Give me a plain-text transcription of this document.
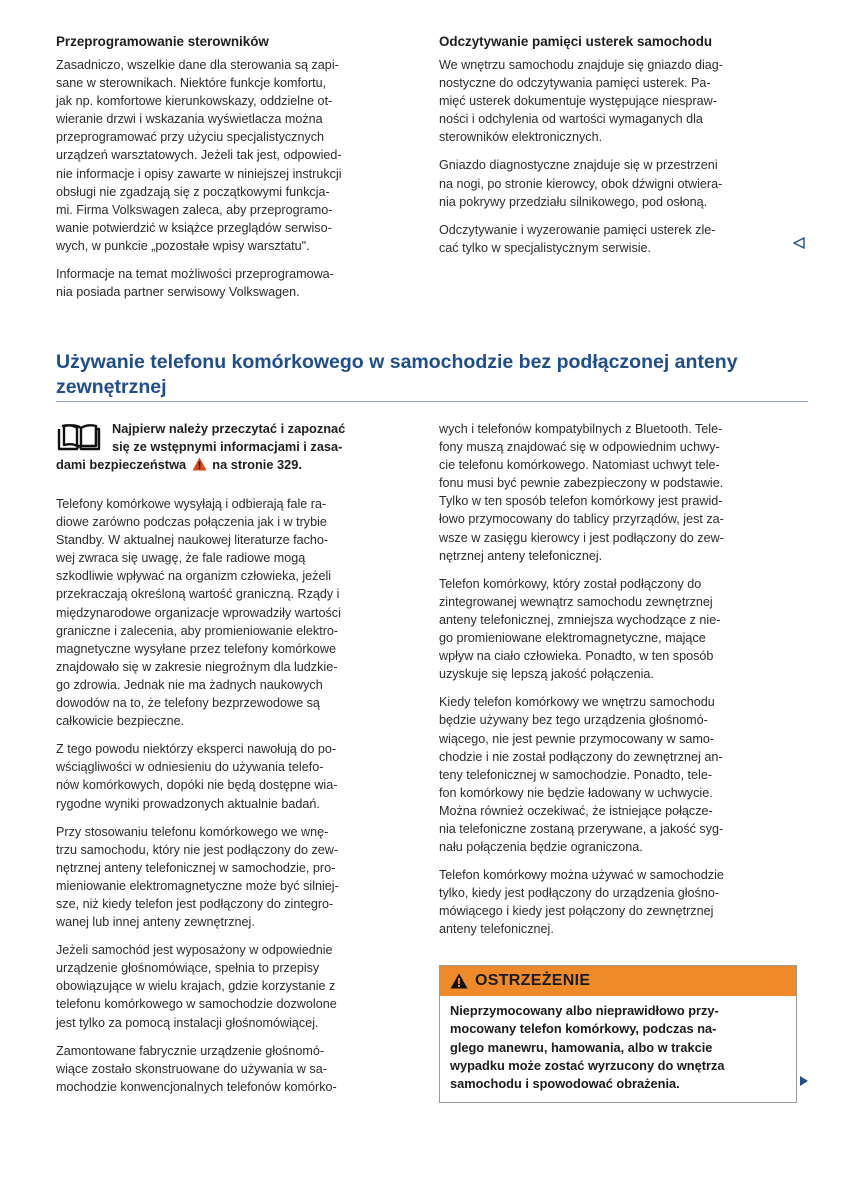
Przeprogramowanie sterowników

Zasadniczo, wszelkie dane dla sterowania są zapi-
sane w sterownikach. Niektóre funkcje komfortu,
jak np. komfortowe kierunkowskazy, oddzielne ot-
wieranie drzwi i wskazania wyświetlacza można
przeprogramować przy użyciu specjalistycznych
urządzeń warsztatowych. Jeżeli tak jest, odpowied-
nie informacje i opisy zawarte w niniejszej instrukcji
obsługi nie zgadzają się z początkowymi funkcja-
mi. Firma Volkswagen zaleca, aby przeprogramo-
wanie potwierdzić w książce przeglądów serwiso-
wych, w punkcie „pozostałe wpisy warsztatu".

Informacje na temat możliwości przeprogramowa-
nia posiada partner serwisowy Volkswagen.

Odczytywanie pamięci usterek samochodu

We wnętrzu samochodu znajduje się gniazdo diag-
nostyczne do odczytywania pamięci usterek. Pa-
mięć usterek dokumentuje występujące niespraw-
ności i odchylenia od wartości wymaganych dla
sterowników elektronicznych.

Gniazdo diagnostyczne znajduje się w przestrzeni
na nogi, po stronie kierowcy, obok dźwigni otwiera-
nia pokrywy przedziału silnikowego, pod osłoną.

Odczytywanie i wyzerowanie pamięci usterek zle-
cać tylko w specjalistycznym serwisie.

Używanie telefonu komórkowego w samochodzie bez podłączonej anteny
zewnętrznej
Najpierw należy przeczytać i zapoznać
się ze wstępnymi informacjami i zasa-
dami bezpieczeństwa na stronie 329.

Telefony komórkowe wysyłają i odbierają fale ra-
diowe zarówno podczas połączenia jak i w trybie
Standby. W aktualnej naukowej literaturze facho-
wej zwraca się uwagę, że fale radiowe mogą
szkodliwie wpływać na organizm człowieka, jeżeli
przekraczają określoną wartość graniczną. Rządy i
międzynarodowe organizacje wprowadziły wartości
graniczne i zalecenia, aby promieniowanie elektro-
magnetyczne wysyłane przez telefony komórkowe
znajdowało się w zakresie niegroźnym dla ludzkie-
go zdrowia. Jednak nie ma żadnych naukowych
dowodów na to, że telefony bezprzewodowe są
całkowicie bezpieczne.

Z tego powodu niektórzy eksperci nawołują do po-
wściągliwości w odniesieniu do używania telefo-
nów komórkowych, dopóki nie będą dostępne wia-
rygodne wyniki prowadzonych aktualnie badań.

Przy stosowaniu telefonu komórkowego we wnę-
trzu samochodu, który nie jest podłączony do zew-
nętrznej anteny telefonicznej w samochodzie, pro-
mieniowanie elektromagnetyczne może być silniej-
sze, niż kiedy telefon jest podłączony do zintegro-
wanej lub innej anteny zewnętrznej.

Jeżeli samochód jest wyposażony w odpowiednie
urządzenie głośnomówiące, spełnia to przepisy
obowiązujące w wielu krajach, gdzie korzystanie z
telefonu komórkowego w samochodzie dozwolone
jest tylko za pomocą instalacji głośnomówiącej.

Zamontowane fabrycznie urządzenie głośnomó-
wiące zostało skonstruowane do używania w sa-
mochodzie konwencjonalnych telefonów komórko-

wych i telefonów kompatybilnych z Bluetooth. Tele-
fony muszą znajdować się w odpowiednim uchwy-
cie telefonu komórkowego. Natomiast uchwyt tele-
fonu musi być pewnie zabezpieczony w podstawie.
Tylko w ten sposób telefon komórkowy jest prawid-
łowo przymocowany do tablicy przyrządów, jest za-
wsze w zasięgu kierowcy i jest podłączony do zew-
nętrznej anteny telefonicznej.

Telefon komórkowy, który został podłączony do
zintegrowanej wewnątrz samochodu zewnętrznej
anteny telefonicznej, zmniejsza wychodzące z nie-
go promieniowane elektromagnetyczne, mające
wpływ na ciało człowieka. Ponadto, w ten sposób
uzyskuje się lepszą jakość połączenia.

Kiedy telefon komórkowy we wnętrzu samochodu
będzie używany bez tego urządzenia głośnomó-
wiącego, nie jest pewnie przymocowany w samo-
chodzie i nie został podłączony do zewnętrznej an-
teny telefonicznej w samochodzie. Ponadto, tele-
fon komórkowy nie będzie ładowany w uchwycie.
Można również oczekiwać, że istniejące połącze-
nia telefoniczne zostaną przerywane, a jakość syg-
nału połączenia będzie ograniczona.

Telefon komórkowy można używać w samochodzie
tylko, kiedy jest podłączony do urządzenia głośno-
mówiącego i kiedy jest połączony do zewnętrznej
anteny telefonicznej.

OSTRZEŻENIE
Nieprzymocowany albo nieprawidłowo przy-
mocowany telefon komórkowy, podczas na-
glego manewru, hamowania, albo w trakcie
wypadku może zostać wyrzucony do wnętrza
samochodu i spowodować obrażenia.
